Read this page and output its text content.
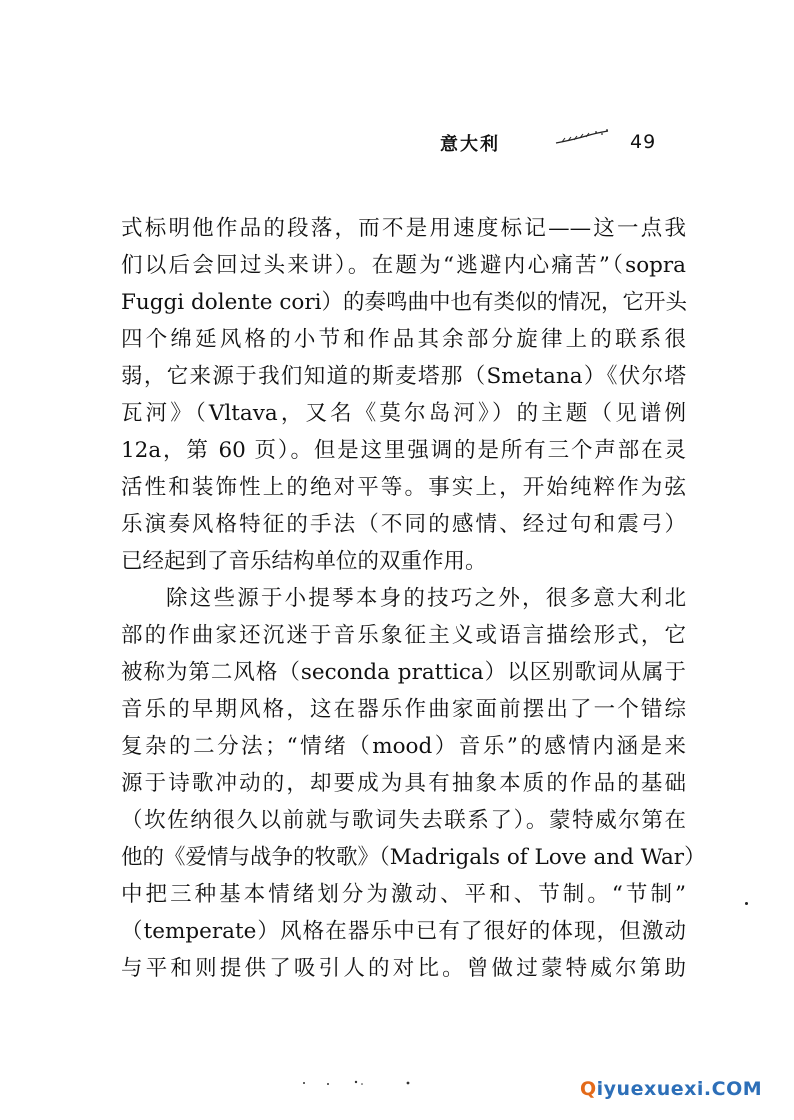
意大利	49
式标明他作品的段落，而不是用速度标记——这一点我
们以后会回过头来讲）。在题为“逃避内心痛苦”（sopra
Fuggi dolente cori）的奏鸣曲中也有类似的情况，它开头
四个绵延风格的小节和作品其余部分旋律上的联系很
弱，它来源于我们知道的斯麦塔那（Smetana）《伏尔塔
瓦河》（Vltava，又名《莫尔岛河》）的主题（见谱例
12a，第 60 页）。但是这里强调的是所有三个声部在灵
活性和装饰性上的绝对平等。事实上，开始纯粹作为弦
乐演奏风格特征的手法（不同的感情、经过句和震弓）
已经起到了音乐结构单位的双重作用。
除这些源于小提琴本身的技巧之外，很多意大利北
部的作曲家还沉迷于音乐象征主义或语言描绘形式，它
被称为第二风格（seconda prattica）以区别歌词从属于
音乐的早期风格，这在器乐作曲家面前摆出了一个错综
复杂的二分法；“情绪（mood）音乐”的感情内涵是来
源于诗歌冲动的，却要成为具有抽象本质的作品的基础
（坎佐纳很久以前就与歌词失去联系了）。蒙特威尔第在
他的《爱情与战争的牧歌》（Madrigals of Love and War）
中把三种基本情绪划分为激动、平和、节制。“节制”
（temperate）风格在器乐中已有了很好的体现，但激动
与平和则提供了吸引人的对比。曾做过蒙特威尔第助
Qiyuexuexi.COM
